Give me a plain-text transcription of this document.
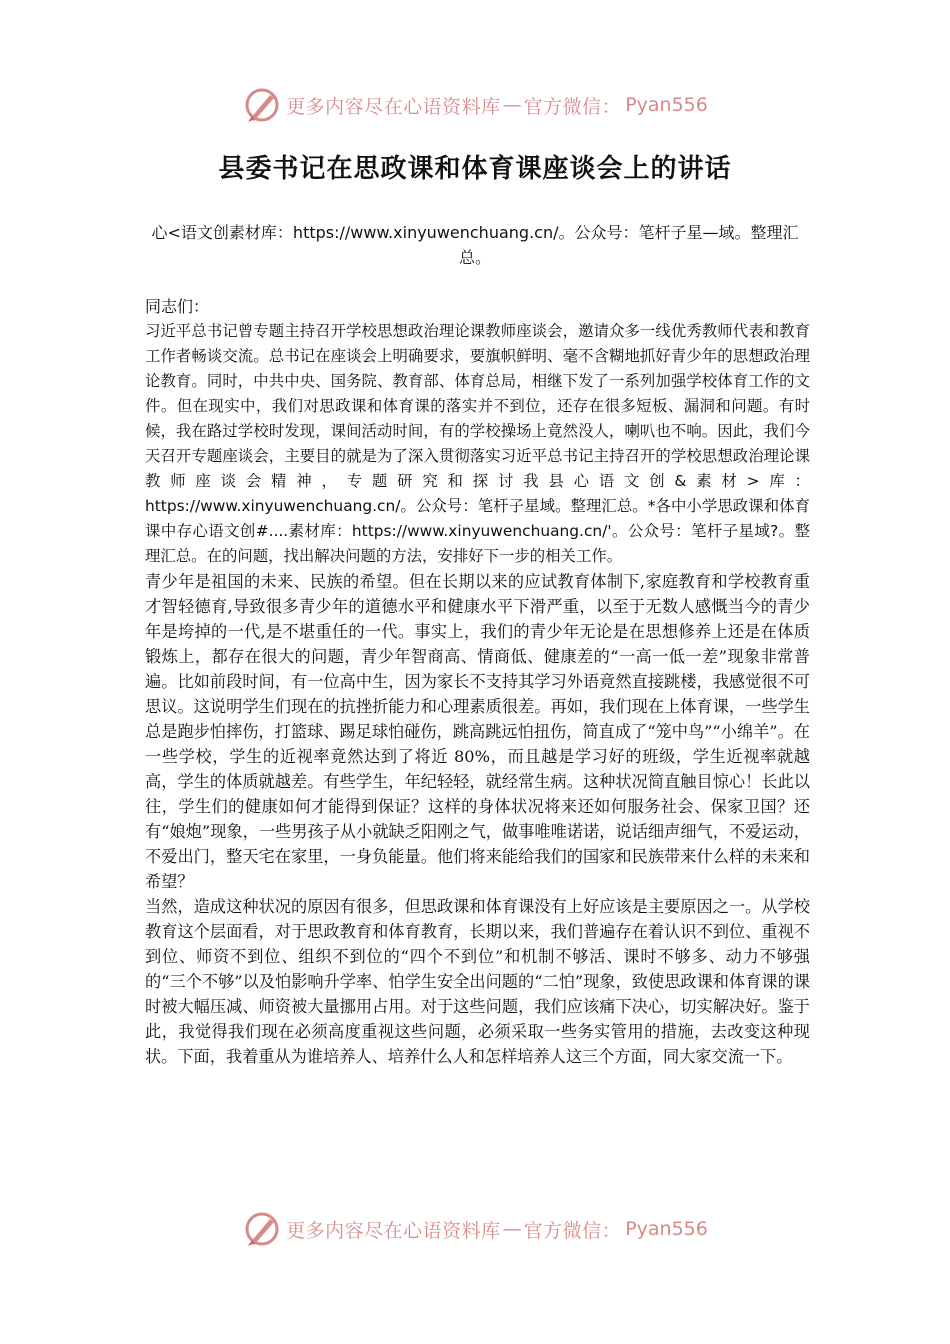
更多内容尽在心语资料库 — 官方微信： Pyan556
县委书记在思政课和体育课座谈会上的讲话
心<语文创素材库：https://www.xinyuwenchuang.cn/。公众号：笔杆子星—域。整理汇总。

同志们：

习近平总书记曾专题主持召开学校思想政治理论课教师座谈会，邀请众多一线优秀教师代表和教育工作者畅谈交流。总书记在座谈会上明确要求，要旗帜鲜明、毫不含糊地抓好青少年的思想政治理论教育。同时，中共中央、国务院、教育部、体育总局，相继下发了一系列加强学校体育工作的文件。但在现实中，我们对思政课和体育课的落实并不到位，还存在很多短板、漏洞和问题。有时候，我在路过学校时发现，课间活动时间，有的学校操场上竟然没人，喇叭也不响。因此，我们今天召开专题座谈会，主要目的就是为了深入贯彻落实习近平总书记主持召开的学校思想政治理论课教师座谈会精神，专题研究和探讨我县心语文创&素材>库：https://www.xinyuwenchuang.cn/。公众号：笔杆子星域。整理汇总。*各中小学思政课和体育课中存心语文创#....素材库：https://www.xinyuwenchuang.cn/'。公众号：笔杆子星域?。整理汇总。在的问题，找出解决问题的方法，安排好下一步的相关工作。

青少年是祖国的未来、民族的希望。但在长期以来的应试教育体制下,家庭教育和学校教育重才智轻德育,导致很多青少年的道德水平和健康水平下滑严重，以至于无数人感慨当今的青少年是垮掉的一代,是不堪重任的一代。事实上，我们的青少年无论是在思想修养上还是在体质锻炼上，都存在很大的问题，青少年智商高、情商低、健康差的“一高一低一差”现象非常普遍。比如前段时间，有一位高中生，因为家长不支持其学习外语竟然直接跳楼，我感觉很不可思议。这说明学生们现在的抗挫折能力和心理素质很差。再如，我们现在上体育课，一些学生总是跑步怕摔伤，打篮球、踢足球怕碰伤，跳高跳远怕扭伤，简直成了“笼中鸟”“小绵羊”。在一些学校，学生的近视率竟然达到了将近 80%，而且越是学习好的班级，学生近视率就越高，学生的体质就越差。有些学生，年纪轻轻，就经常生病。这种状况简直触目惊心！长此以往，学生们的健康如何才能得到保证？这样的身体状况将来还如何服务社会、保家卫国？还有“娘炮”现象，一些男孩子从小就缺乏阳刚之气，做事唯唯诺诺，说话细声细气，不爱运动，不爱出门，整天宅在家里，一身负能量。他们将来能给我们的国家和民族带来什么样的未来和希望？

当然，造成这种状况的原因有很多，但思政课和体育课没有上好应该是主要原因之一。从学校教育这个层面看，对于思政教育和体育教育，长期以来，我们普遍存在着认识不到位、重视不到位、师资不到位、组织不到位的“四个不到位”和机制不够活、课时不够多、动力不够强的“三个不够”以及怕影响升学率、怕学生安全出问题的“二怕”现象，致使思政课和体育课的课时被大幅压减、师资被大量挪用占用。对于这些问题，我们应该痛下决心，切实解决好。鉴于此，我觉得我们现在必须高度重视这些问题，必须采取一些务实管用的措施，去改变这种现状。下面，我着重从为谁培养人、培养什么人和怎样培养人这三个方面，同大家交流一下。

更多内容尽在心语资料库 — 官方微信： Pyan556
